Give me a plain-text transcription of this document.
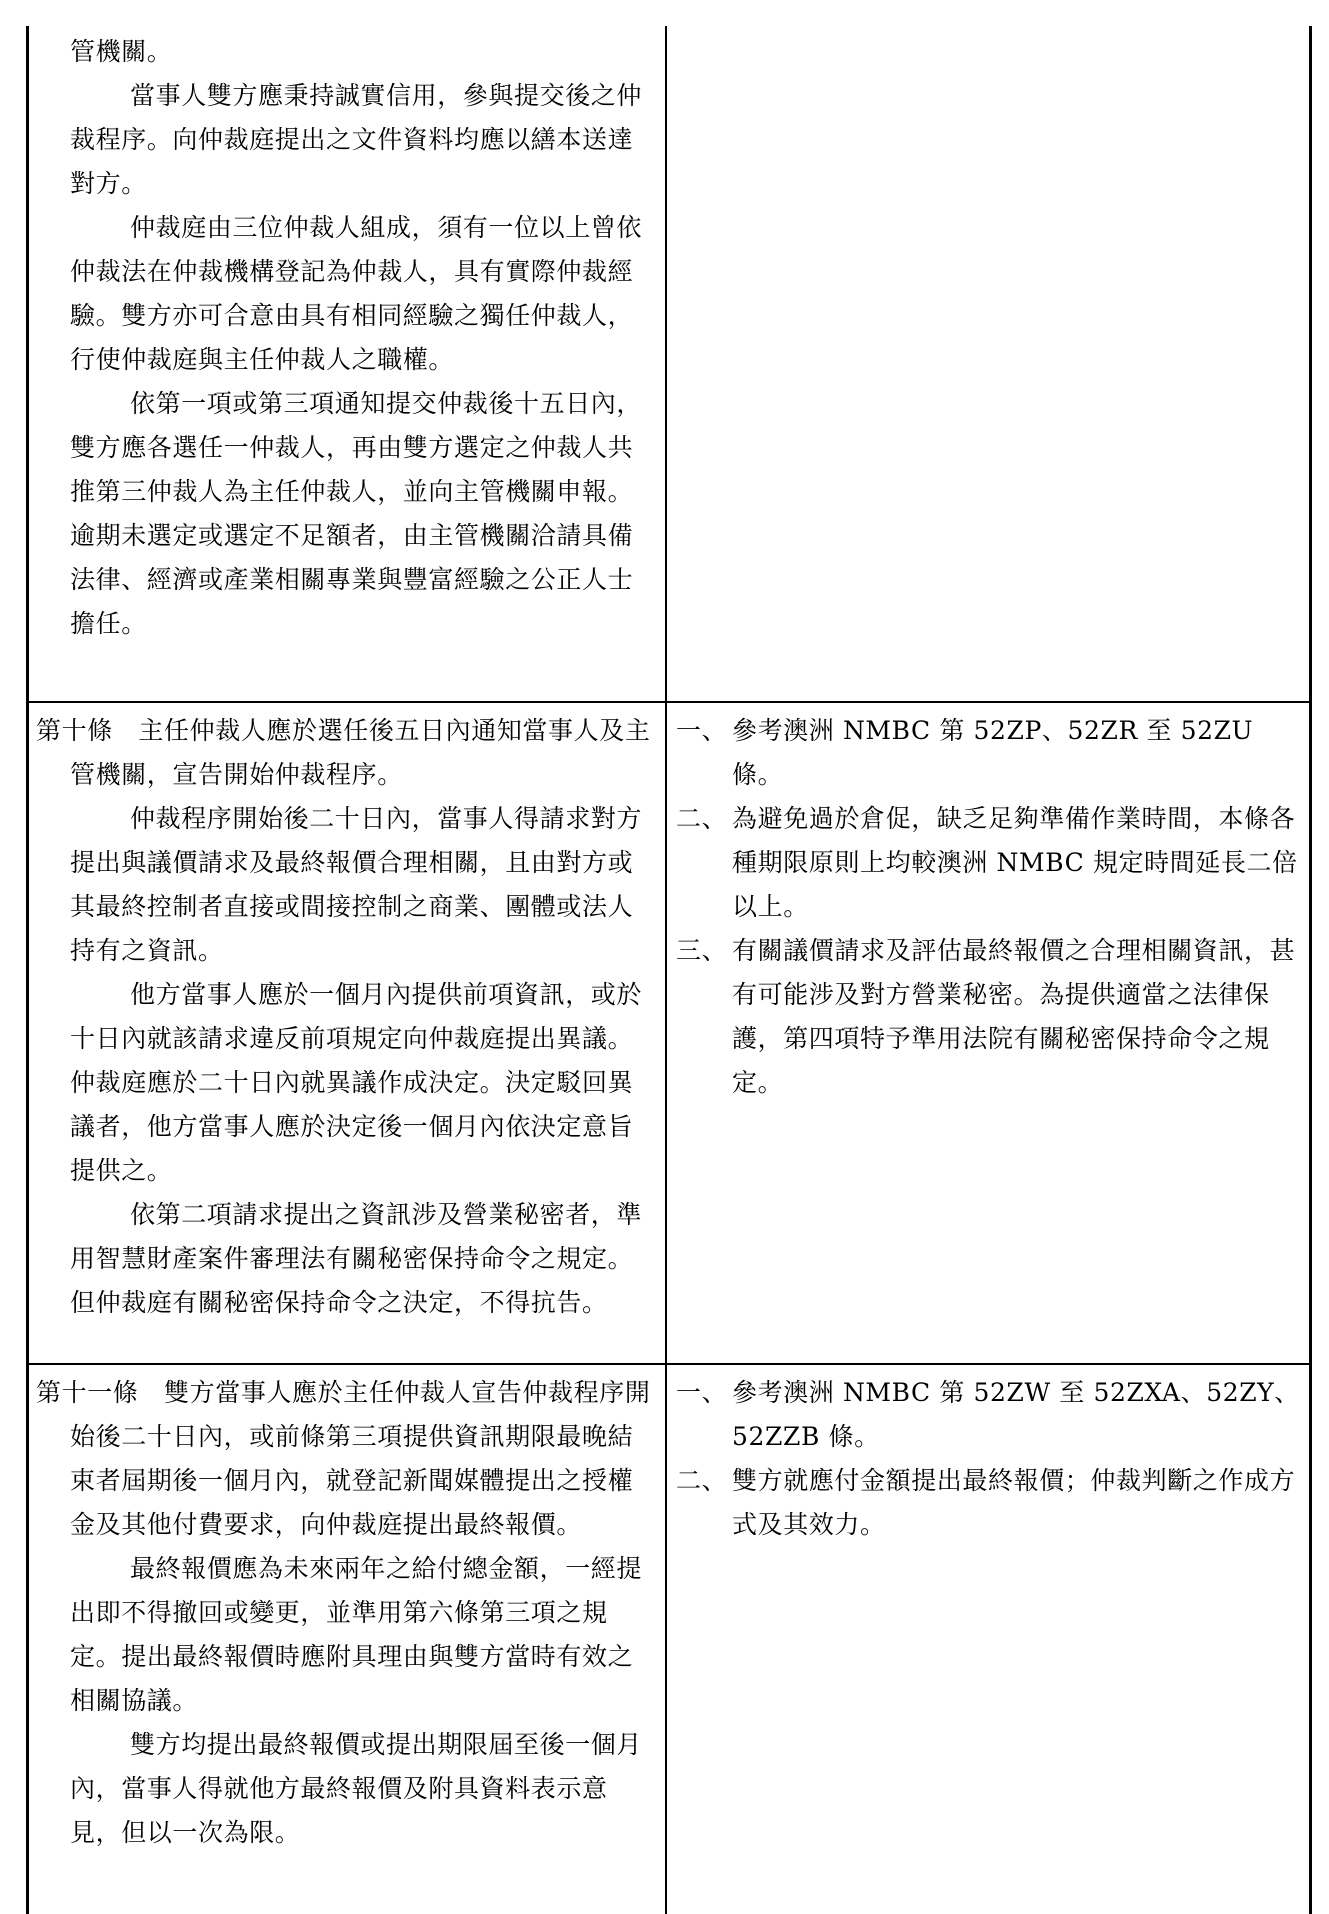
管機關。

當事人雙方應秉持誠實信用，參與提交後之仲裁程序。向仲裁庭提出之文件資料均應以繕本送達對方。

仲裁庭由三位仲裁人組成，須有一位以上曾依仲裁法在仲裁機構登記為仲裁人，具有實際仲裁經驗。雙方亦可合意由具有相同經驗之獨任仲裁人，行使仲裁庭與主任仲裁人之職權。

依第一項或第三項通知提交仲裁後十五日內，雙方應各選任一仲裁人，再由雙方選定之仲裁人共推第三仲裁人為主任仲裁人，並向主管機關申報。逾期未選定或選定不足額者，由主管機關洽請具備法律、經濟或產業相關專業與豐富經驗之公正人士擔任。

第十條　 主任仲裁人應於選任後五日內通知當事人及主管機關，宣告開始仲裁程序。

仲裁程序開始後二十日內，當事人得請求對方提出與議價請求及最終報價合理相關，且由對方或其最終控制者直接或間接控制之商業、團體或法人持有之資訊。

他方當事人應於一個月內提供前項資訊，或於十日內就該請求違反前項規定向仲裁庭提出異議。仲裁庭應於二十日內就異議作成決定。決定駁回異議者，他方當事人應於決定後一個月內依決定意旨提供之。

依第二項請求提出之資訊涉及營業秘密者，準用智慧財產案件審理法有關秘密保持命令之規定。但仲裁庭有關秘密保持命令之決定，不得抗告。

一、 參考澳洲 NMBC 第 52ZP、52ZR 至 52ZU 條。

二、 為避免過於倉促，缺乏足夠準備作業時間，本條各種期限原則上均較澳洲 NMBC 規定時間延長二倍以上。

三、 有關議價請求及評估最終報價之合理相關資訊，甚有可能涉及對方營業秘密。為提供適當之法律保護，第四項特予準用法院有關秘密保持命令之規定。

第十一條　 雙方當事人應於主任仲裁人宣告仲裁程序開始後二十日內，或前條第三項提供資訊期限最晚結束者屆期後一個月內，就登記新聞媒體提出之授權金及其他付費要求，向仲裁庭提出最終報價。

最終報價應為未來兩年之給付總金額，一經提出即不得撤回或變更，並準用第六條第三項之規定。提出最終報價時應附具理由與雙方當時有效之相關協議。

雙方均提出最終報價或提出期限屆至後一個月內，當事人得就他方最終報價及附具資料表示意見，但以一次為限。

一、 參考澳洲 NMBC 第 52ZW 至 52ZXA、52ZY、52ZZB 條。

二、 雙方就應付金額提出最終報價；仲裁判斷之作成方式及其效力。
